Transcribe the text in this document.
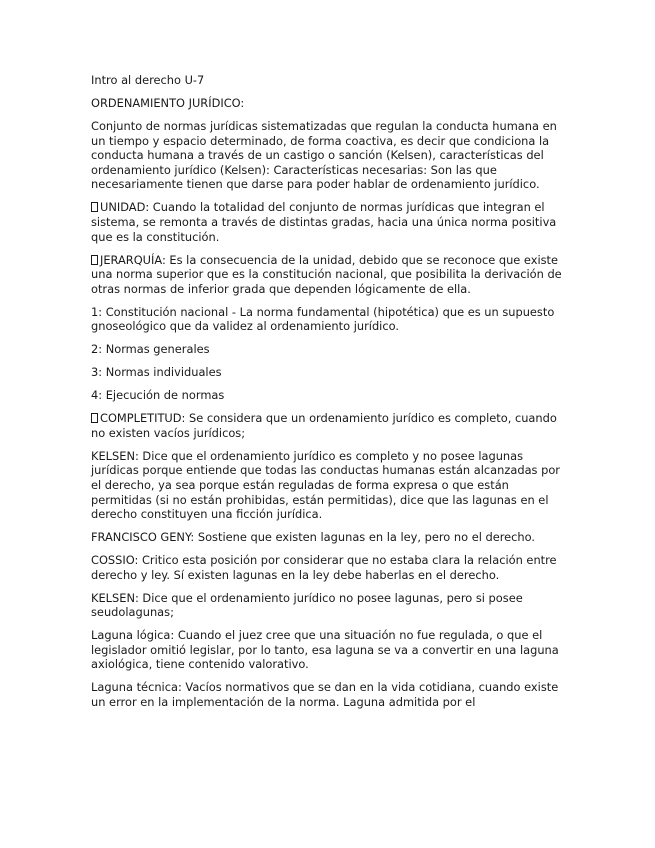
Intro al derecho U-7

ORDENAMIENTO JURÍDICO:

Conjunto de normas jurídicas sistematizadas que regulan la conducta humana en un tiempo y espacio determinado, de forma coactiva, es decir que condiciona la conducta humana a través de un castigo o sanción (Kelsen), características del ordenamiento jurídico (Kelsen): Características necesarias: Son las que necesariamente tienen que darse para poder hablar de ordenamiento jurídico.

UNIDAD: Cuando la totalidad del conjunto de normas jurídicas que integran el sistema, se remonta a través de distintas gradas, hacia una única norma positiva que es la constitución.

JERARQUÍA: Es la consecuencia de la unidad, debido que se reconoce que existe una norma superior que es la constitución nacional, que posibilita la derivación de otras normas de inferior grada que dependen lógicamente de ella.

1: Constitución nacional - La norma fundamental (hipotética) que es un supuesto gnoseológico que da validez al ordenamiento jurídico.

2: Normas generales

3: Normas individuales

4: Ejecución de normas

COMPLETITUD: Se considera que un ordenamiento jurídico es completo, cuando no existen vacíos jurídicos;

KELSEN: Dice que el ordenamiento jurídico es completo y no posee lagunas jurídicas porque entiende que todas las conductas humanas están alcanzadas por el derecho, ya sea porque están reguladas de forma expresa o que están permitidas (si no están prohibidas, están permitidas), dice que las lagunas en el derecho constituyen una ficción jurídica.

FRANCISCO GENY: Sostiene que existen lagunas en la ley, pero no el derecho.

COSSIO: Critico esta posición por considerar que no estaba clara la relación entre derecho y ley. Sí existen lagunas en la ley debe haberlas en el derecho.

KELSEN: Dice que el ordenamiento jurídico no posee lagunas, pero si posee seudolagunas;

Laguna lógica: Cuando el juez cree que una situación no fue regulada, o que el legislador omitió legislar, por lo tanto, esa laguna se va a convertir en una laguna axiológica, tiene contenido valorativo.

Laguna técnica: Vacíos normativos que se dan en la vida cotidiana, cuando existe un error en la implementación de la norma. Laguna admitida por el
